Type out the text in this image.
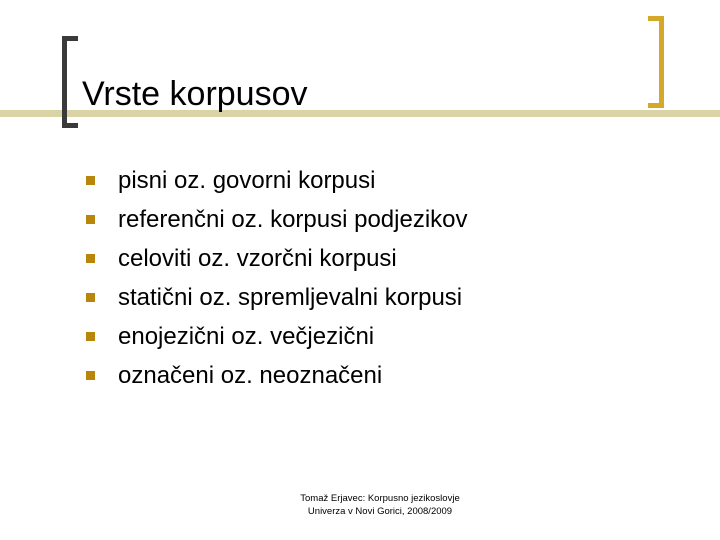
Vrste korpusov
pisni oz. govorni korpusi
referenčni oz. korpusi podjezikov
celoviti oz. vzorčni korpusi
statični oz. spremljevalni korpusi
enojezični oz. večjezični
označeni oz. neoznačeni
Tomaž Erjavec: Korpusno jezikoslovje
Univerza v Novi Gorici, 2008/2009
